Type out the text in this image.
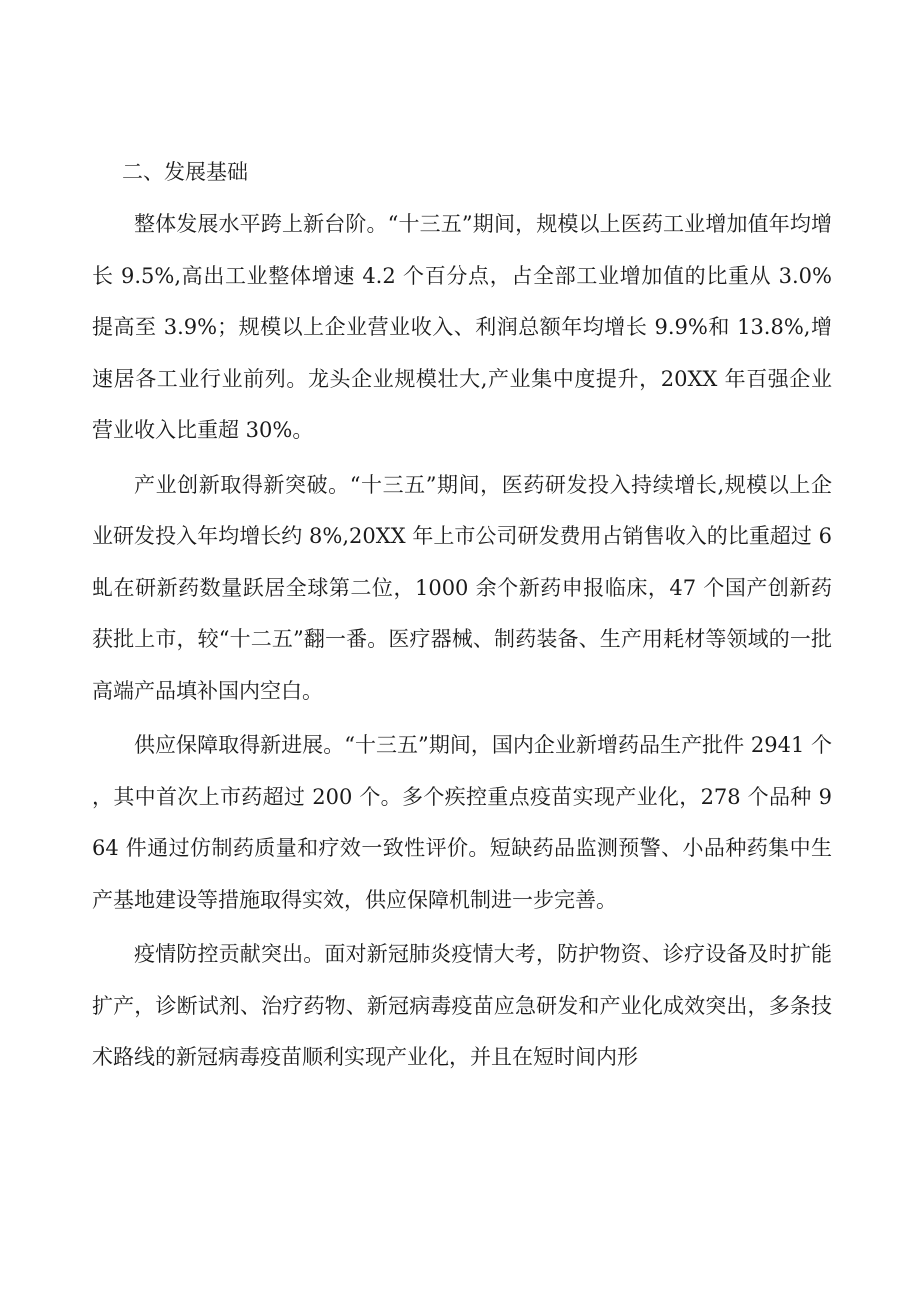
二、发展基础

整体发展水平跨上新台阶。“十三五”期间，规模以上医药工业增加值年均增长 9.5%,高出工业整体增速 4.2 个百分点，占全部工业增加值的比重从 3.0%提高至 3.9%；规模以上企业营业收入、利润总额年均增长 9.9%和 13.8%,增速居各工业行业前列。龙头企业规模壮大,产业集中度提升，20XX 年百强企业营业收入比重超 30%。

产业创新取得新突破。“十三五”期间，医药研发投入持续增长,规模以上企业研发投入年均增长约 8%,20XX 年上市公司研发费用占销售收入的比重超过 6 虬在研新药数量跃居全球第二位，1000 余个新药申报临床，47 个国产创新药获批上市，较“十二五”翻一番。医疗器械、制药装备、生产用耗材等领域的一批高端产品填补国内空白。

供应保障取得新进展。“十三五”期间，国内企业新增药品生产批件 2941 个，其中首次上市药超过 200 个。多个疾控重点疫苗实现产业化，278 个品种 964 件通过仿制药质量和疗效一致性评价。短缺药品监测预警、小品种药集中生产基地建设等措施取得实效，供应保障机制进一步完善。

疫情防控贡献突出。面对新冠肺炎疫情大考，防护物资、诊疗设备及时扩能扩产，诊断试剂、治疗药物、新冠病毒疫苗应急研发和产业化成效突出，多条技术路线的新冠病毒疫苗顺利实现产业化，并且在短时间内形
